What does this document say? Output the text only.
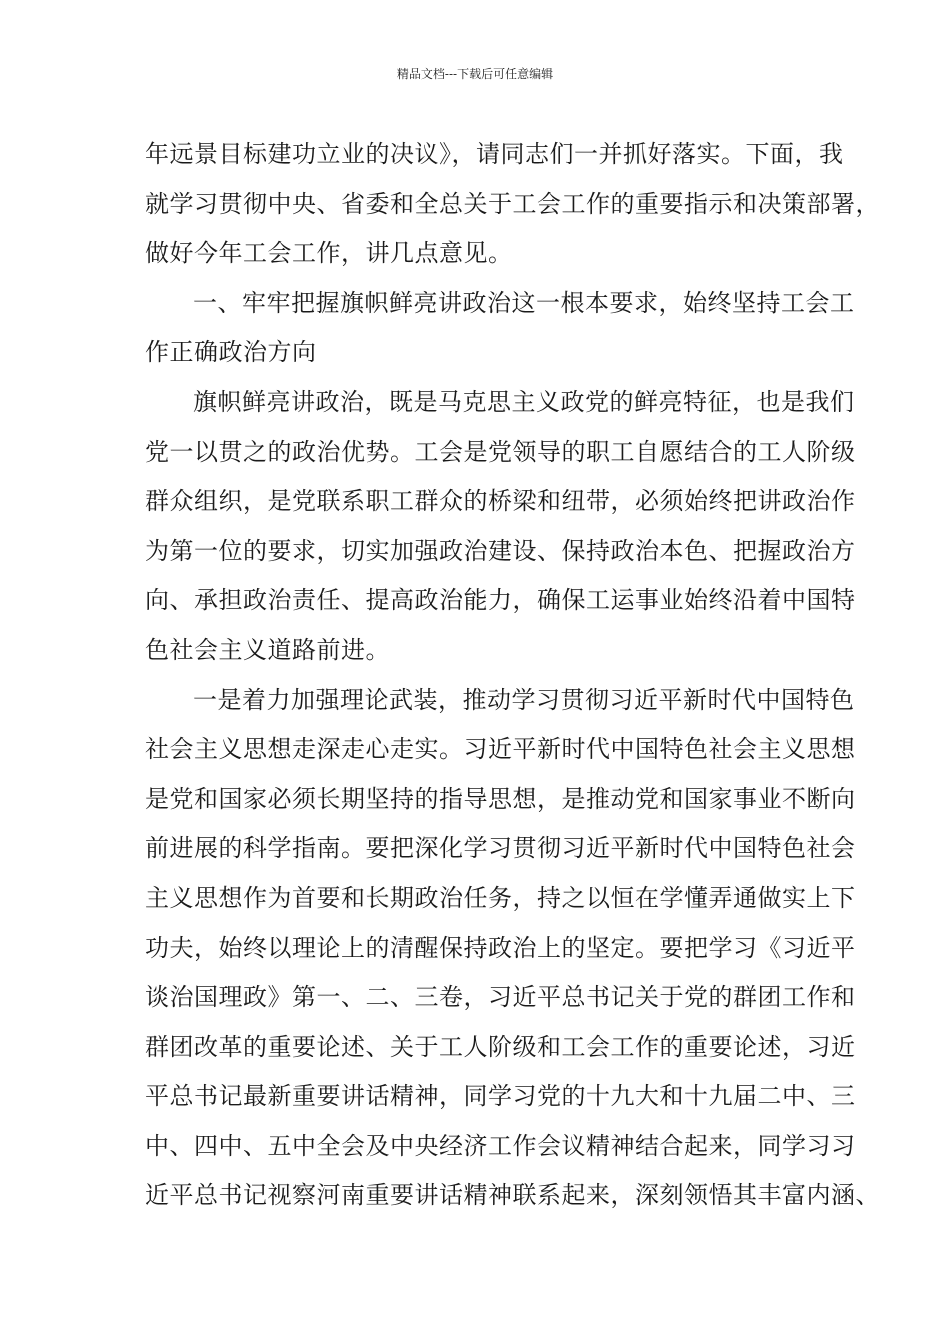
精品文档---下载后可任意编辑
年远景目标建功立业的决议》，请同志们一并抓好落实。下面，我
就学习贯彻中央、省委和全总关于工会工作的重要指示和决策部署，
做好今年工会工作，讲几点意见。
一、牢牢把握旗帜鲜亮讲政治这一根本要求，始终坚持工会工
作正确政治方向
旗帜鲜亮讲政治，既是马克思主义政党的鲜亮特征，也是我们
党一以贯之的政治优势。工会是党领导的职工自愿结合的工人阶级
群众组织，是党联系职工群众的桥梁和纽带，必须始终把讲政治作
为第一位的要求，切实加强政治建设、保持政治本色、把握政治方
向、承担政治责任、提高政治能力，确保工运事业始终沿着中国特
色社会主义道路前进。
一是着力加强理论武装，推动学习贯彻习近平新时代中国特色
社会主义思想走深走心走实。习近平新时代中国特色社会主义思想
是党和国家必须长期坚持的指导思想，是推动党和国家事业不断向
前进展的科学指南。要把深化学习贯彻习近平新时代中国特色社会
主义思想作为首要和长期政治任务，持之以恒在学懂弄通做实上下
功夫，始终以理论上的清醒保持政治上的坚定。要把学习《习近平
谈治国理政》第一、二、三卷，习近平总书记关于党的群团工作和
群团改革的重要论述、关于工人阶级和工会工作的重要论述，习近
平总书记最新重要讲话精神，同学习党的十九大和十九届二中、三
中、四中、五中全会及中央经济工作会议精神结合起来，同学习习
近平总书记视察河南重要讲话精神联系起来，深刻领悟其丰富内涵、
